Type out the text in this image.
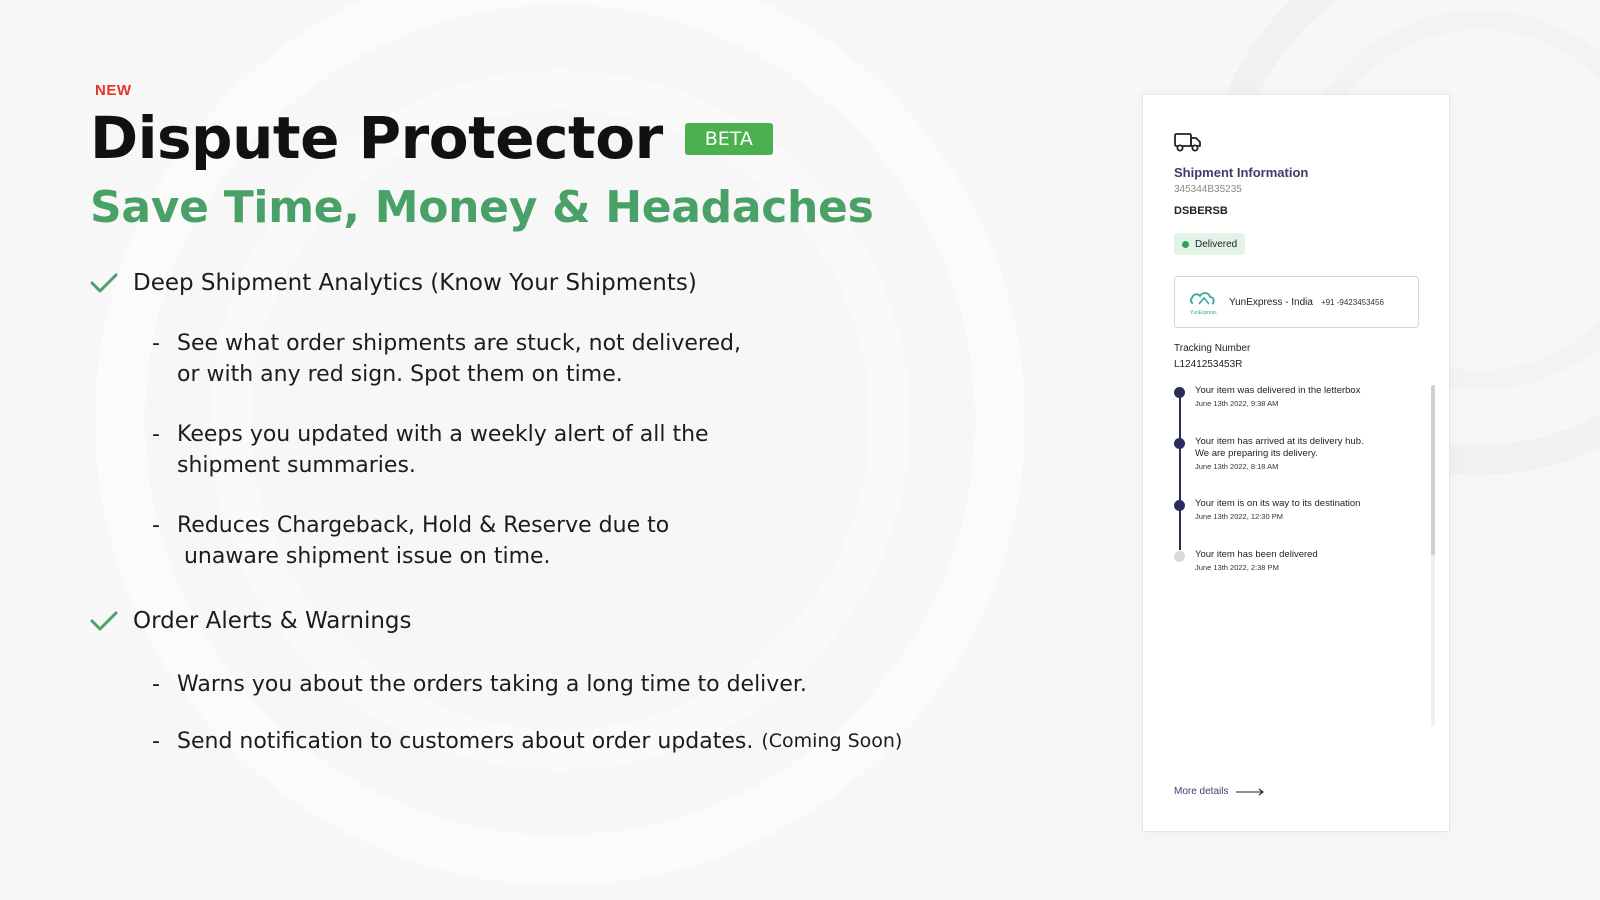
NEW
Dispute Protector	BETA
Save Time, Money & Headaches
Deep Shipment Analytics (Know Your Shipments)
- See what order shipments are stuck, not delivered,
or with any red sign. Spot them on time.
- Keeps you updated with a weekly alert of all the
shipment summaries.
- Reduces Chargeback, Hold & Reserve due to
unaware shipment issue on time.
Order Alerts & Warnings
- Warns you about the orders taking a long time to deliver.
- Send notification to customers about order updates. (Coming Soon)
Shipment Information
345344B35235
DSBERSB
Delivered
YunExpress
YunExpress - India +91 -9423453456
Tracking Number
L1241253453R
Your item was delivered in the letterbox
June 13th 2022, 9:38 AM
Your item has arrived at its delivery hub.
We are preparing its delivery.
June 13th 2022, 8:18 AM
Your item is on its way to its destination
June 13th 2022, 12:30 PM
Your item has been delivered
June 13th 2022, 2:38 PM
More details
